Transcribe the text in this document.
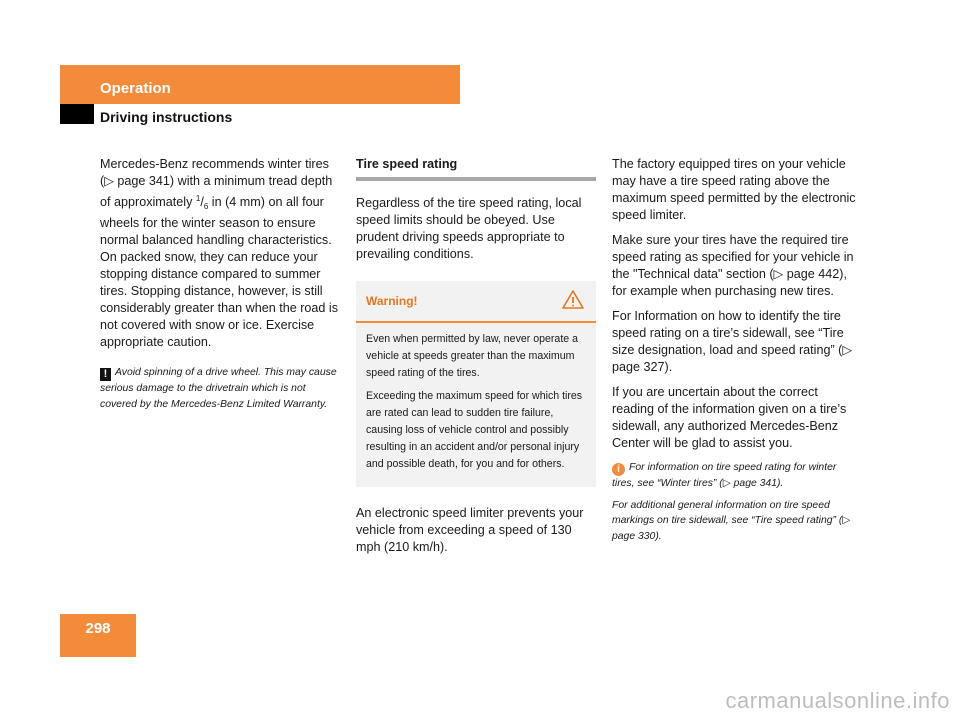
Operation
Driving instructions

Mercedes-Benz recommends winter tires (▷ page 341) with a minimum tread depth of approximately $^1/_6$ in (4 mm) on all four wheels for the winter season to ensure normal balanced handling characteristics. On packed snow, they can reduce your stopping distance compared to summer tires. Stopping distance, however, is still considerably greater than when the road is not covered with snow or ice. Exercise appropriate caution.

! Avoid spinning of a drive wheel. This may cause serious damage to the drivetrain which is not covered by the Mercedes-Benz Limited Warranty.
Tire speed rating

Regardless of the tire speed rating, local speed limits should be obeyed. Use prudent driving speeds appropriate to prevailing conditions.

Warning!

Even when permitted by law, never operate a vehicle at speeds greater than the maximum speed rating of the tires.

Exceeding the maximum speed for which tires are rated can lead to sudden tire failure, causing loss of vehicle control and possibly resulting in an accident and/or personal injury and possible death, for you and for others.

An electronic speed limiter prevents your vehicle from exceeding a speed of 130 mph (210 km/h).

The factory equipped tires on your vehicle may have a tire speed rating above the maximum speed permitted by the electronic speed limiter.

Make sure your tires have the required tire speed rating as specified for your vehicle in the "Technical data" section (▷ page 442), for example when purchasing new tires.

For Information on how to identify the tire speed rating on a tire’s sidewall, see “Tire size designation, load and speed rating” (▷ page 327).

If you are uncertain about the correct reading of the information given on a tire’s sidewall, any authorized Mercedes-Benz Center will be glad to assist you.

i For information on tire speed rating for winter tires, see “Winter tires” (▷ page 341).
For additional general information on tire speed markings on tire sidewall, see “Tire speed rating” (▷ page 330).
298
carmanualsonline.info
